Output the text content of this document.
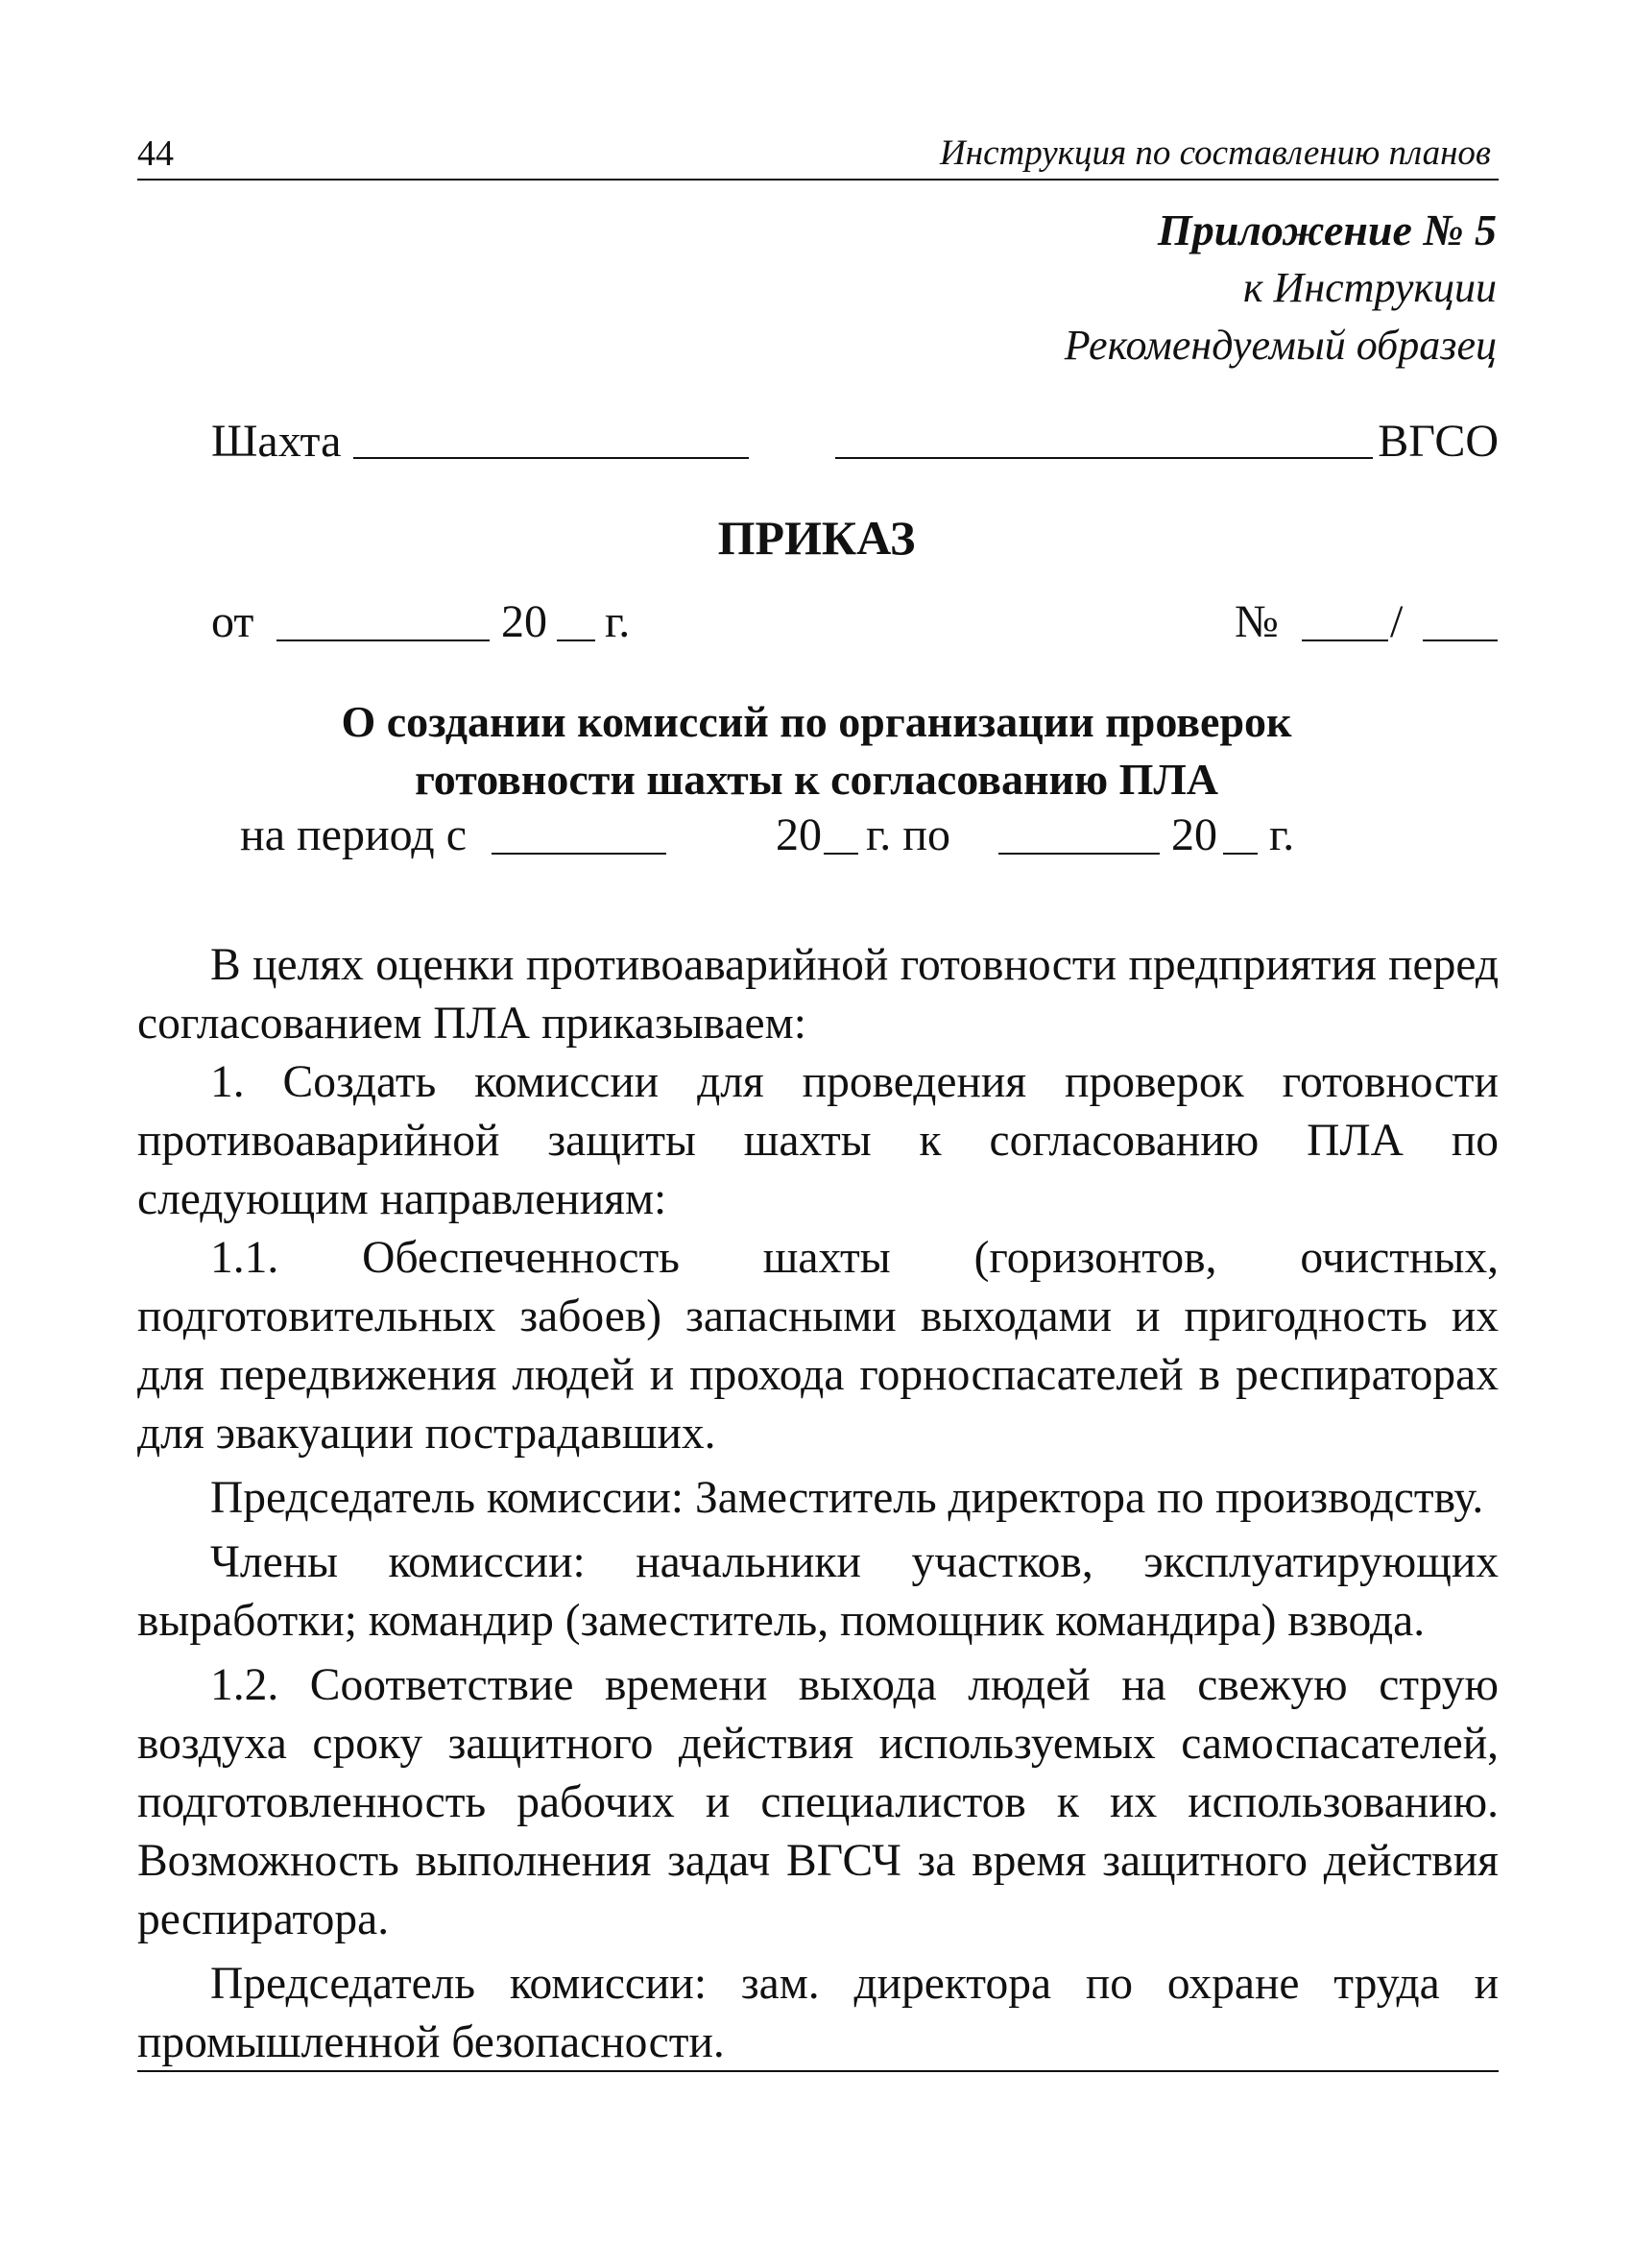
44	Инструкция по составлению планов
Приложение № 5
к Инструкции
Рекомендуемый образец
Шахта	ВГСО
ПРИКАЗ
от	20 г.	№ /
О создании комиссий по организации проверок
готовности шахты к согласованию ПЛА
на период с	20 г. по	20 г.

В целях оценки противоаварийной готовности предприятия перед согласованием ПЛА приказываем:

1. Создать комиссии для проведения проверок готовности противоаварийной защиты шахты к согласованию ПЛА по следующим направлениям:

1.1. Обеспеченность шахты (горизонтов, очистных, подготовительных забоев) запасными выходами и пригодность их для передвижения людей и прохода горноспасателей в респираторах для эвакуации пострадавших.

Председатель комиссии: Заместитель директора по производству.

Члены комиссии: начальники участков, эксплуатирующих выработки; командир (заместитель, помощник командира) взвода.

1.2. Соответствие времени выхода людей на свежую струю воздуха сроку защитного действия используемых самоспасателей, подготовленность рабочих и специалистов к их использованию. Возможность выполнения задач ВГСЧ за время защитного действия респиратора.

Председатель комиссии: зам. директора по охране труда и промышленной безопасности.
